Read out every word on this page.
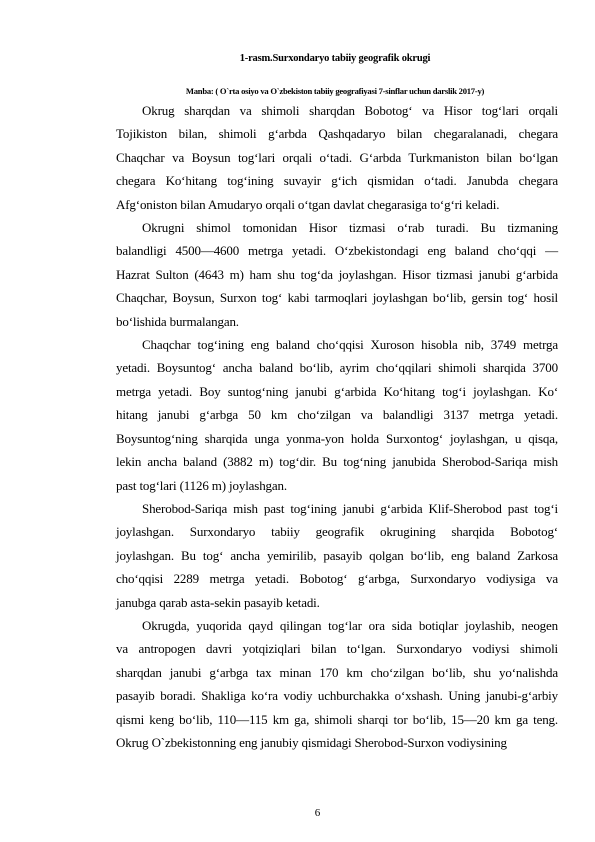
1-rasm.Surxondaryo tabiiy geografik okrugi
Manba: ( O`rta osiyo va O`zbekiston tabiiy geografiyasi 7-sinflar uchun darslik 2017-y)
Okrug sharqdan va shimoli sharqdan Bobotog‘ va Hisor tog‘lari orqali
Tojikiston bilan, shimoli g‘arbda Qashqadaryo bilan chegaralanadi, chegara
Chaqchar va Boysun tog‘lari orqali o‘tadi. G‘arbda Turkmaniston bilan bo‘lgan
chegara Ko‘hitang tog‘ining suvayir g‘ich qismidan o‘tadi. Janubda chegara
Afg‘oniston bilan Amudaryo orqali o‘tgan davlat chegarasiga to‘g‘ri keladi.
Okrugni shimol tomonidan Hisor tizmasi o‘rab turadi. Bu tizmaning
balandligi 4500—4600 metrga yetadi. O‘zbekistondagi eng baland cho‘qqi —
Hazrat Sulton (4643 m) ham shu tog‘da joylashgan. Hisor tizmasi janubi g‘arbida
Chaqchar, Boysun, Surxon tog‘ kabi tarmoqlari joylashgan bo‘lib, gersin tog‘ hosil
bo‘lishida burmalangan.
Chaqchar tog‘ining eng baland cho‘qqisi Xuroson hisobla nib, 3749 metrga
yetadi. Boysuntog‘ ancha baland bo‘lib, ayrim cho‘qqilari shimoli sharqida 3700
metrga yetadi. Boy suntog‘ning janubi g‘arbida Ko‘hitang tog‘i joylashgan. Ko‘
hitang janubi g‘arbga 50 km cho‘zilgan va balandligi 3137 metrga yetadi.
Boysuntog‘ning sharqida unga yonma-yon holda Surxontog‘ joylashgan, u qisqa,
lekin ancha baland (3882 m) tog‘dir. Bu tog‘ning janubida Sherobod-Sariqa mish
past tog‘lari (1126 m) joylashgan.
Sherobod-Sariqa mish past tog‘ining janubi g‘arbida Klif-Sherobod past tog‘i
joylashgan. Surxondaryo tabiiy geografik okrugining sharqida Bobotog‘
joylashgan. Bu tog‘ ancha yemirilib, pasayib qolgan bo‘lib, eng baland Zarkosa
cho‘qqisi 2289 metrga yetadi. Bobotog‘ g‘arbga, Surxondaryo vodiysiga va
janubga qarab asta-sekin pasayib ketadi.
Okrugda, yuqorida qayd qilingan tog‘lar ora sida botiqlar joylashib, neogen
va antropogen davri yotqiziqlari bilan to‘lgan. Surxondaryo vodiysi shimoli
sharqdan janubi g‘arbga tax minan 170 km cho‘zilgan bo‘lib, shu yo‘nalishda
pasayib boradi. Shakliga ko‘ra vodiy uchburchakka o‘xshash. Uning janubi-g‘arbiy
qismi keng bo‘lib, 110—115 km ga, shimoli sharqi tor bo‘lib, 15—20 km ga teng.
Okrug O`zbekistonning eng janubiy qismidagi Sherobod-Surxon vodiysining
6
